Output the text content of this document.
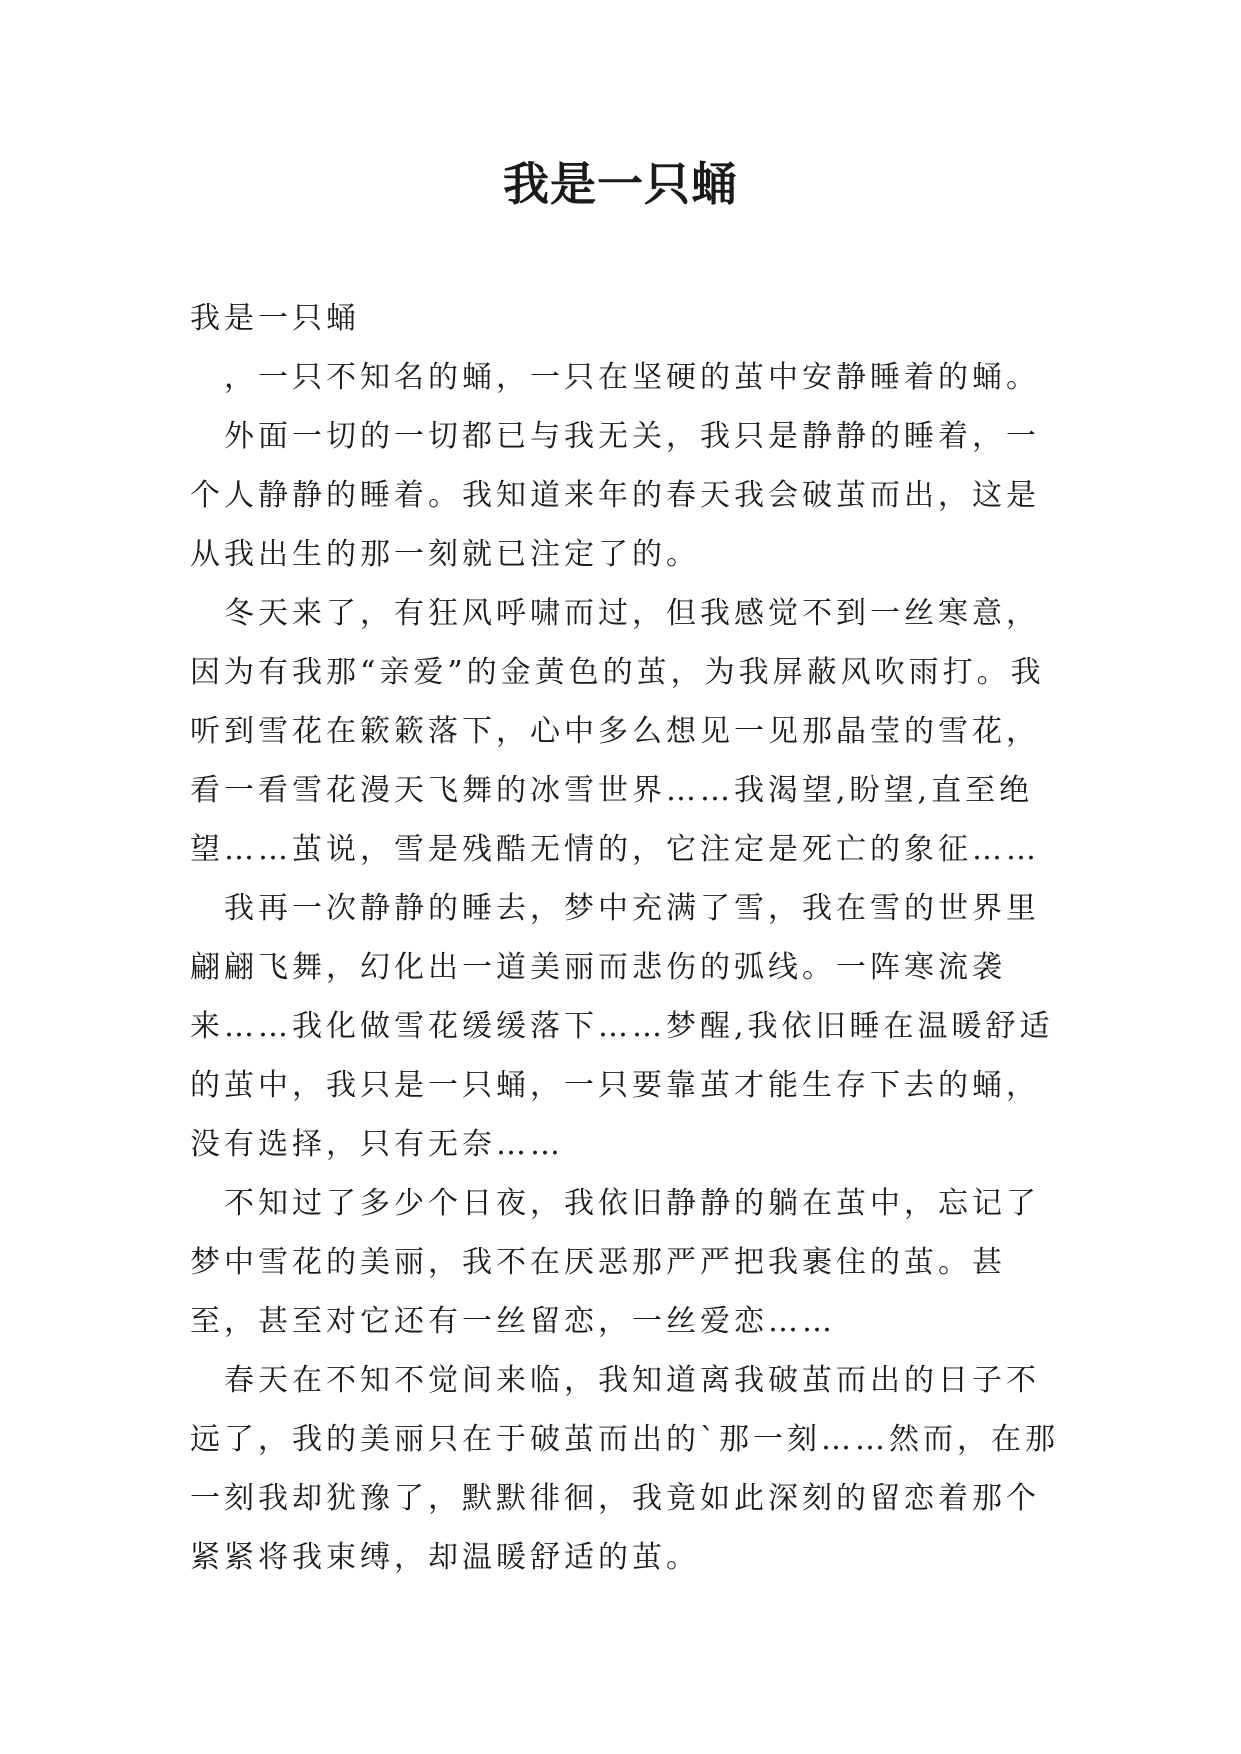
我是一只蛹

我是一只蛹

，一只不知名的蛹，一只在坚硬的茧中安静睡着的蛹。

外面一切的一切都已与我无关，我只是静静的睡着，一个人静静的睡着。我知道来年的春天我会破茧而出，这是从我出生的那一刻就已注定了的。

冬天来了，有狂风呼啸而过，但我感觉不到一丝寒意，因为有我那“亲爱”的金黄色的茧，为我屏蔽风吹雨打。我听到雪花在簌簌落下，心中多么想见一见那晶莹的雪花，看一看雪花漫天飞舞的冰雪世界……我渴望,盼望,直至绝望……茧说，雪是残酷无情的，它注定是死亡的象征……

我再一次静静的睡去，梦中充满了雪，我在雪的世界里翩翩飞舞，幻化出一道美丽而悲伤的弧线。一阵寒流袭来……我化做雪花缓缓落下……梦醒,我依旧睡在温暖舒适的茧中，我只是一只蛹，一只要靠茧才能生存下去的蛹，没有选择，只有无奈……

不知过了多少个日夜，我依旧静静的躺在茧中，忘记了梦中雪花的美丽，我不在厌恶那严严把我裹住的茧。甚至，甚至对它还有一丝留恋，一丝爱恋……

春天在不知不觉间来临，我知道离我破茧而出的日子不远了，我的美丽只在于破茧而出的`那一刻……然而，在那一刻我却犹豫了，默默徘徊，我竟如此深刻的留恋着那个紧紧将我束缚，却温暖舒适的茧。
